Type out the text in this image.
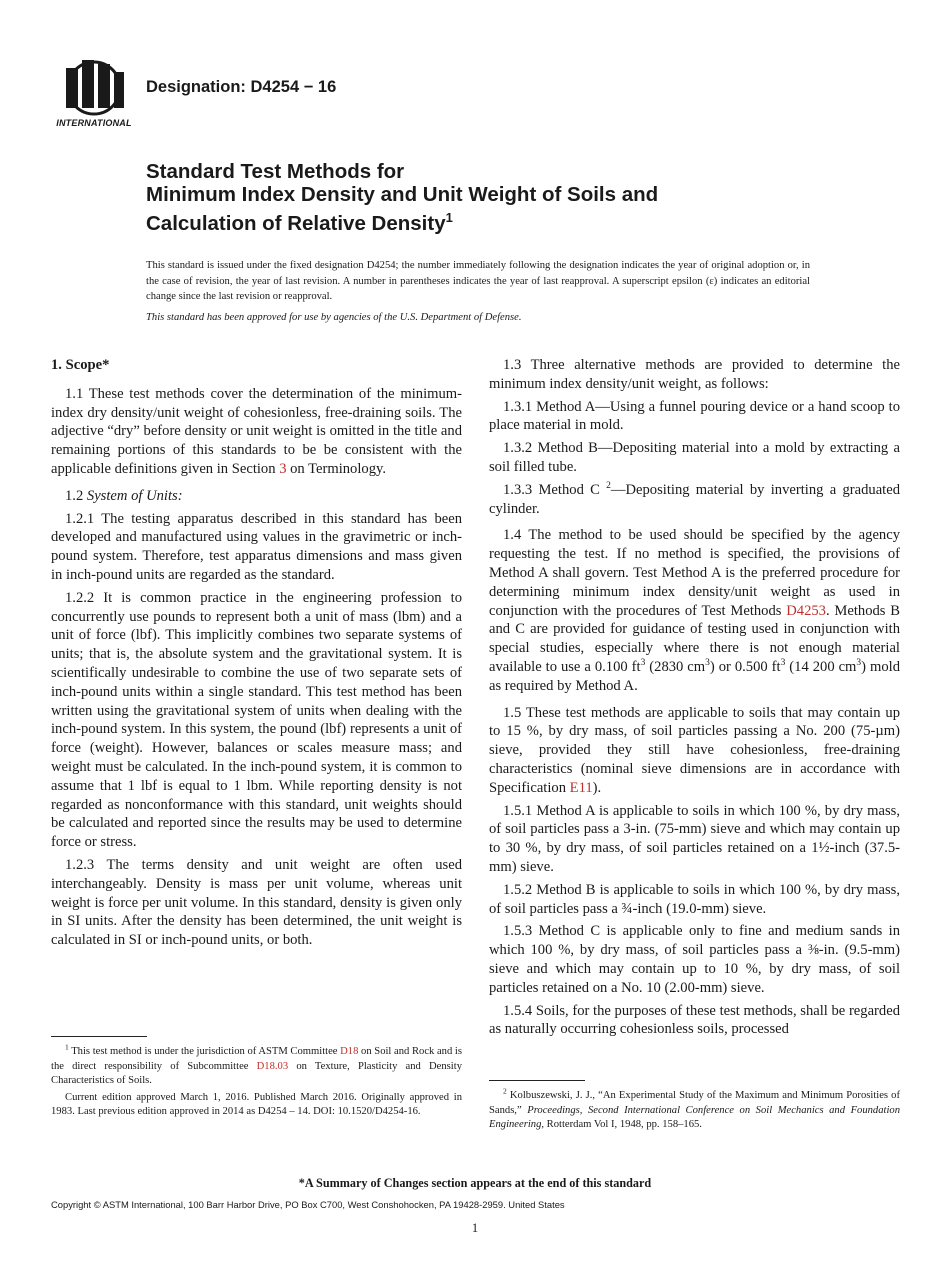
INTERNATIONAL
Designation: D4254 − 16
Standard Test Methods for
Minimum Index Density and Unit Weight of Soils and
Calculation of Relative Density$^1$
This standard is issued under the fixed designation D4254; the number immediately following the designation indicates the year of original adoption or, in the case of revision, the year of last revision. A number in parentheses indicates the year of last reapproval. A superscript epsilon (ε) indicates an editorial change since the last revision or reapproval.
This standard has been approved for use by agencies of the U.S. Department of Defense.
1. Scope*

1.1 These test methods cover the determination of the minimum-index dry density/unit weight of cohesionless, free-draining soils. The adjective “dry” before density or unit weight is omitted in the title and remaining portions of this standards to be be consistent with the applicable definitions given in Section 3 on Terminology.

1.2 System of Units:

1.2.1 The testing apparatus described in this standard has been developed and manufactured using values in the gravimetric or inch-pound system. Therefore, test apparatus dimensions and mass given in inch-pound units are regarded as the standard.

1.2.2 It is common practice in the engineering profession to concurrently use pounds to represent both a unit of mass (lbm) and a unit of force (lbf). This implicitly combines two separate systems of units; that is, the absolute system and the gravitational system. It is scientifically undesirable to combine the use of two separate sets of inch-pound units within a single standard. This test method has been written using the gravitational system of units when dealing with the inch-pound system. In this system, the pound (lbf) represents a unit of force (weight). However, balances or scales measure mass; and weight must be calculated. In the inch-pound system, it is common to assume that 1 lbf is equal to 1 lbm. While reporting density is not regarded as nonconformance with this standard, unit weights should be calculated and reported since the results may be used to determine force or stress.

1.2.3 The terms density and unit weight are often used interchangeably. Density is mass per unit volume, whereas unit weight is force per unit volume. In this standard, density is given only in SI units. After the density has been determined, the unit weight is calculated in SI or inch-pound units, or both.

1.3 Three alternative methods are provided to determine the minimum index density/unit weight, as follows:

1.3.1 Method A—Using a funnel pouring device or a hand scoop to place material in mold.

1.3.2 Method B—Depositing material into a mold by extracting a soil filled tube.

1.3.3 Method C $^2$—Depositing material by inverting a graduated cylinder.

1.4 The method to be used should be specified by the agency requesting the test. If no method is specified, the provisions of Method A shall govern. Test Method A is the preferred procedure for determining minimum index density/unit weight as used in conjunction with the procedures of Test Methods D4253. Methods B and C are provided for guidance of testing used in conjunction with special studies, especially where there is not enough material available to use a 0.100 $ft^3$ (2830 $cm^3$) or 0.500 $ft^3$ (14 200 $cm^3$) mold as required by Method A.

1.5 These test methods are applicable to soils that may contain up to 15 %, by dry mass, of soil particles passing a No. 200 (75-µm) sieve, provided they still have cohesionless, free-draining characteristics (nominal sieve dimensions are in accordance with Specification E11).

1.5.1 Method A is applicable to soils in which 100 %, by dry mass, of soil particles pass a 3-in. (75-mm) sieve and which may contain up to 30 %, by dry mass, of soil particles retained on a 1½-inch (37.5-mm) sieve.

1.5.2 Method B is applicable to soils in which 100 %, by dry mass, of soil particles pass a ¾-inch (19.0-mm) sieve.

1.5.3 Method C is applicable only to fine and medium sands in which 100 %, by dry mass, of soil particles pass a ⅜-in. (9.5-mm) sieve and which may contain up to 10 %, by dry mass, of soil particles retained on a No. 10 (2.00-mm) sieve.

1.5.4 Soils, for the purposes of these test methods, shall be regarded as naturally occurring cohesionless soils, processed

$^1$ This test method is under the jurisdiction of ASTM Committee D18 on Soil and Rock and is the direct responsibility of Subcommittee D18.03 on Texture, Plasticity and Density Characteristics of Soils.

Current edition approved March 1, 2016. Published March 2016. Originally approved in 1983. Last previous edition approved in 2014 as D4254 – 14. DOI: 10.1520/D4254-16.

$^2$ Kolbuszewski, J. J., “An Experimental Study of the Maximum and Minimum Porosities of Sands,” Proceedings, Second International Conference on Soil Mechanics and Foundation Engineering, Rotterdam Vol I, 1948, pp. 158–165.

*A Summary of Changes section appears at the end of this standard
Copyright © ASTM International, 100 Barr Harbor Drive, PO Box C700, West Conshohocken, PA 19428-2959. United States
1
